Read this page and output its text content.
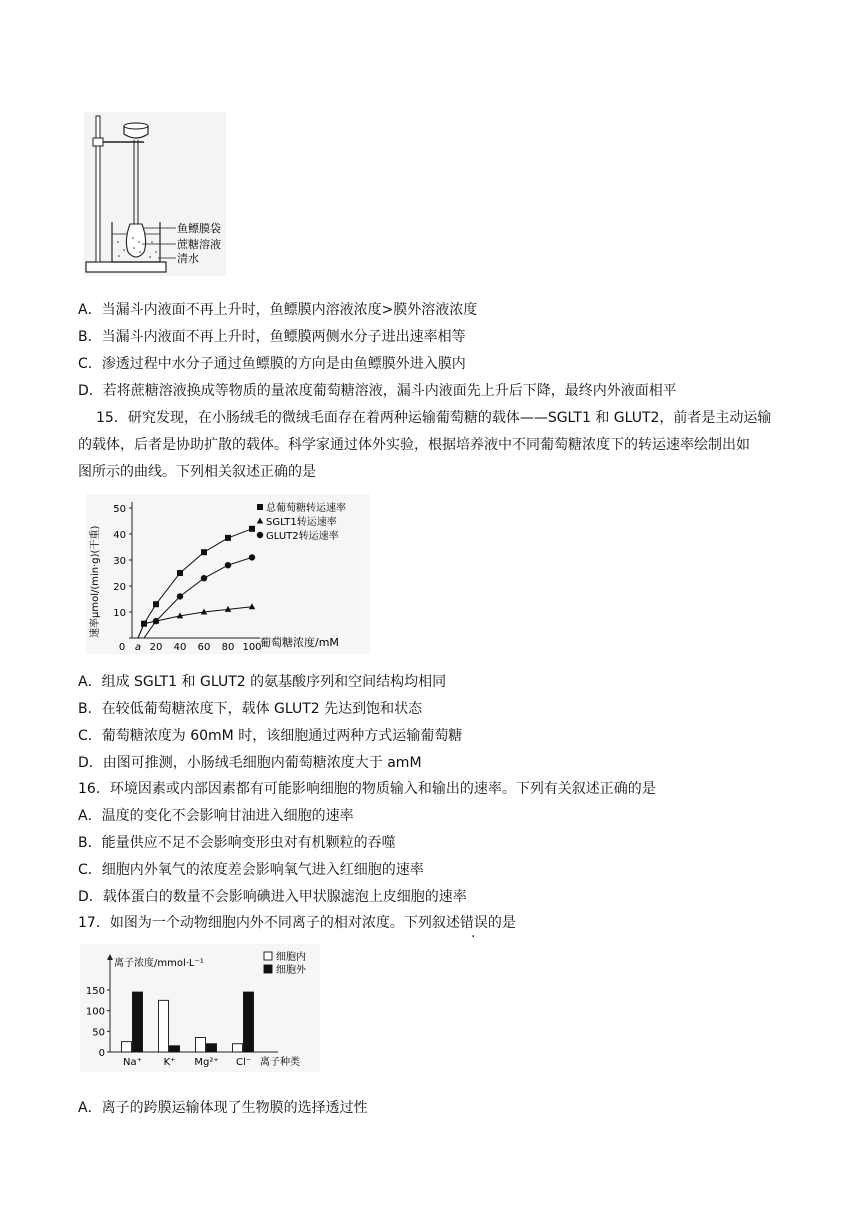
鱼鳔膜袋
蔗糖溶液
清水
A．当漏斗内液面不再上升时，鱼鳔膜内溶液浓度>膜外溶液浓度
B．当漏斗内液面不再上升时，鱼鳔膜两侧水分子进出速率相等
C．渗透过程中水分子通过鱼鳔膜的方向是由鱼鳔膜外进入膜内
D．若将蔗糖溶液换成等物质的量浓度葡萄糖溶液，漏斗内液面先上升后下降，最终内外液面相平
15．研究发现，在小肠绒毛的微绒毛面存在着两种运输葡萄糖的载体——SGLT1 和 GLUT2，前者是主动运输
的载体，后者是协助扩散的载体。科学家通过体外实验，根据培养液中不同葡萄糖浓度下的转运速率绘制出如
图所示的曲线。下列相关叙述正确的是
速率μmol/(min·g)(干重)
葡萄糖浓度/mM
10
20
30
40
50
0 a 20 40 60 80 100
总葡萄糖转运速率
SGLT1转运速率
GLUT2转运速率
A．组成 SGLT1 和 GLUT2 的氨基酸序列和空间结构均相同
B．在较低葡萄糖浓度下，载体 GLUT2 先达到饱和状态
C．葡萄糖浓度为 60mM 时，该细胞通过两种方式运输葡萄糖
D．由图可推测，小肠绒毛细胞内葡萄糖浓度大于 amM
16．环境因素或内部因素都有可能影响细胞的物质输入和输出的速率。下列有关叙述正确的是
A．温度的变化不会影响甘油进入细胞的速率
B．能量供应不足不会影响变形虫对有机颗粒的吞噬
C．细胞内外氧气的浓度差会影响氧气进入红细胞的速率
D．载体蛋白的数量不会影响碘进入甲状腺滤泡上皮细胞的速率
17．如图为一个动物细胞内外不同离子的相对浓度。下列叙述错误的是
离子浓度/mmol·L⁻¹
离子种类
0
50
100
150
Na⁺ K⁺ Mg²⁺ Cl⁻
细胞内
细胞外
A．离子的跨膜运输体现了生物膜的选择透过性
